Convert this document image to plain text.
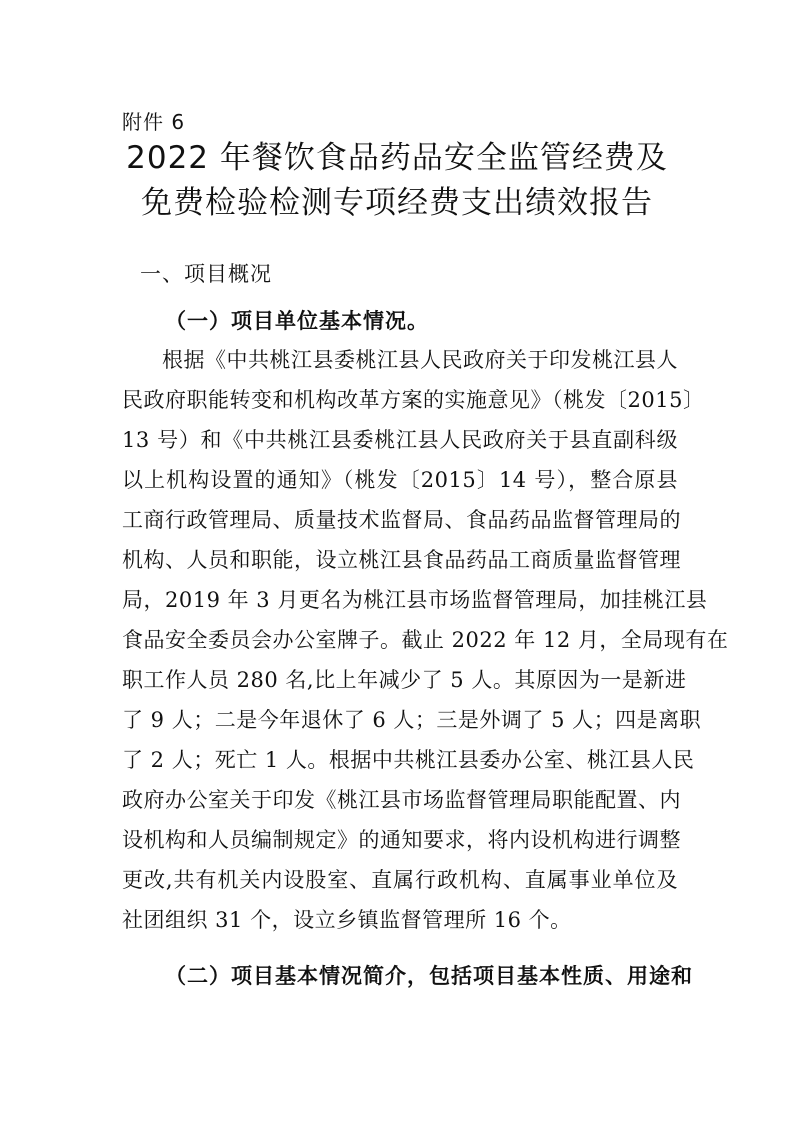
附件 6
2022 年餐饮食品药品安全监管经费及
免费检验检测专项经费支出绩效报告
一、项目概况
（一）项目单位基本情况。
根据《中共桃江县委桃江县人民政府关于印发桃江县人
民政府职能转变和机构改革方案的实施意见》（桃发〔2015〕
13 号）和《中共桃江县委桃江县人民政府关于县直副科级
以上机构设置的通知》（桃发〔2015〕14 号），整合原县
工商行政管理局、质量技术监督局、食品药品监督管理局的
机构、人员和职能，设立桃江县食品药品工商质量监督管理
局，2019 年 3 月更名为桃江县市场监督管理局，加挂桃江县
食品安全委员会办公室牌子。截止 2022 年 12 月，全局现有在
职工作人员 280 名,比上年减少了 5 人。其原因为一是新进
了 9 人；二是今年退休了 6 人；三是外调了 5 人；四是离职
了 2 人；死亡 1 人。根据中共桃江县委办公室、桃江县人民
政府办公室关于印发《桃江县市场监督管理局职能配置、内
设机构和人员编制规定》的通知要求，将内设机构进行调整
更改,共有机关内设股室、直属行政机构、直属事业单位及
社团组织 31 个，设立乡镇监督管理所 16 个。
（二）项目基本情况简介，包括项目基本性质、用途和
